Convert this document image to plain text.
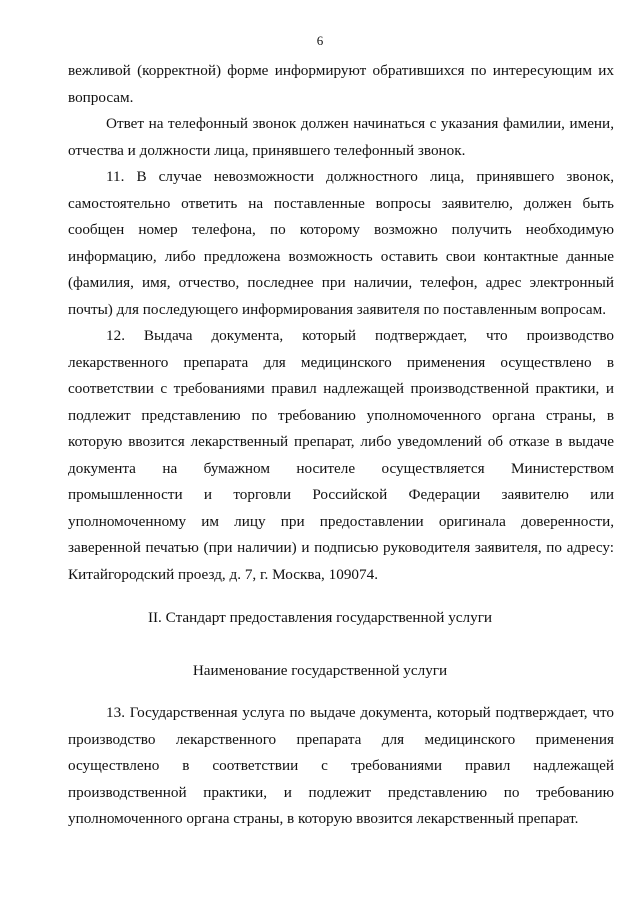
6

вежливой (корректной) форме информируют обратившихся по интересующим их вопросам.

Ответ на телефонный звонок должен начинаться с указания фамилии, имени, отчества и должности лица, принявшего телефонный звонок.

11. В случае невозможности должностного лица, принявшего звонок, самостоятельно ответить на поставленные вопросы заявителю, должен быть сообщен номер телефона, по которому возможно получить необходимую информацию, либо предложена возможность оставить свои контактные данные (фамилия, имя, отчество, последнее при наличии, телефон, адрес электронный почты) для последующего информирования заявителя по поставленным вопросам.

12. Выдача документа, который подтверждает, что производство лекарственного препарата для медицинского применения осуществлено в соответствии с требованиями правил надлежащей производственной практики, и подлежит представлению по требованию уполномоченного органа страны, в которую ввозится лекарственный препарат, либо уведомлений об отказе в выдаче документа на бумажном носителе осуществляется Министерством промышленности и торговли Российской Федерации заявителю или уполномоченному им лицу при предоставлении оригинала доверенности, заверенной печатью (при наличии) и подписью руководителя заявителя, по адресу: Китайгородский проезд, д. 7, г. Москва, 109074.

II. Стандарт предоставления государственной услуги
Наименование государственной услуги

13. Государственная услуга по выдаче документа, который подтверждает, что производство лекарственного препарата для медицинского применения осуществлено в соответствии с требованиями правил надлежащей производственной практики, и подлежит представлению по требованию уполномоченного органа страны, в которую ввозится лекарственный препарат.
